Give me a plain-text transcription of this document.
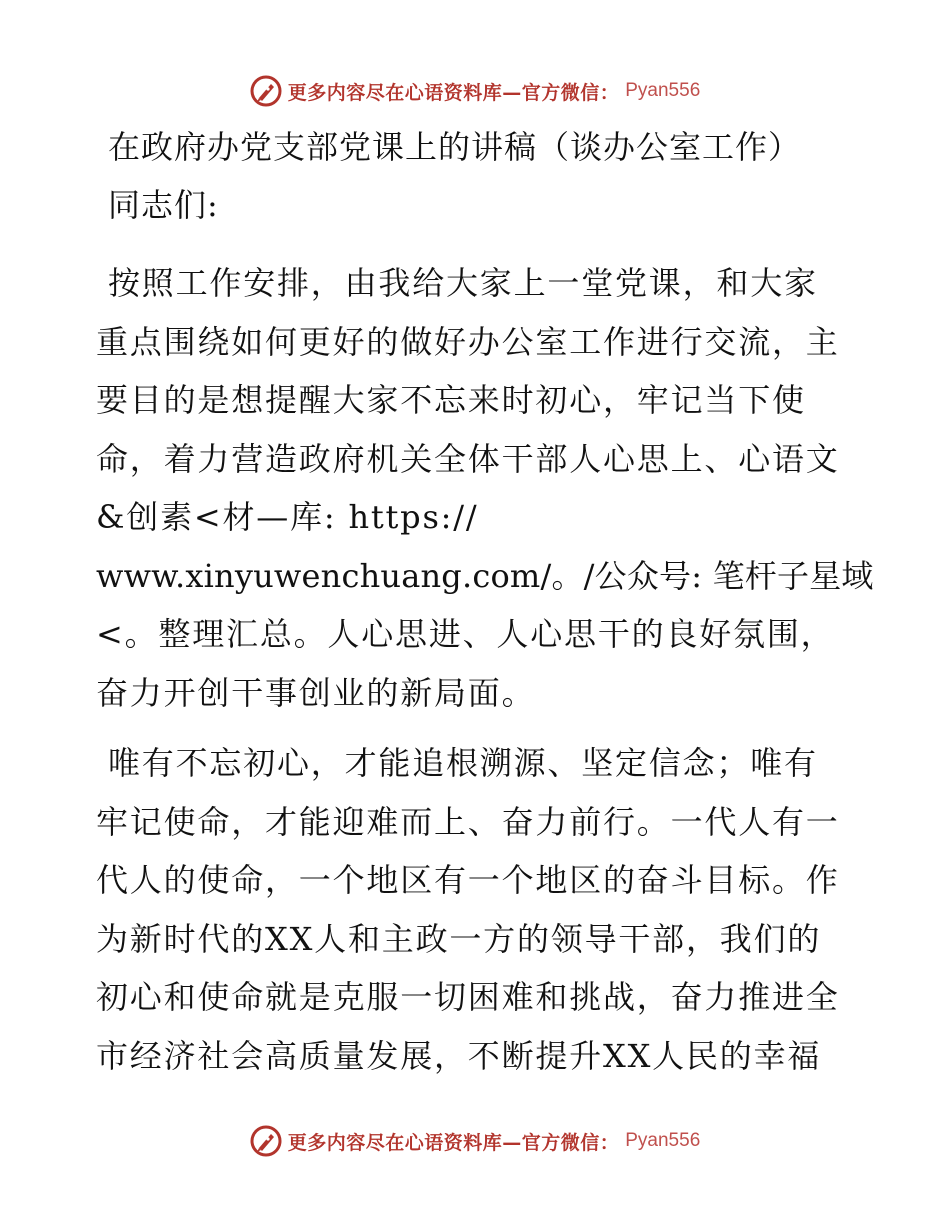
更多内容尽在心语资料库—官方微信： Pyan556
在政府办党支部党课上的讲稿（谈办公室工作）
同志们:
按照工作安排，由我给大家上一堂党课，和大家
重点围绕如何更好的做好办公室工作进行交流，主
要目的是想提醒大家不忘来时初心，牢记当下使
命，着力营造政府机关全体干部人心思上、心语文
&创素<材—库: https://
www.xinyuwenchuang.com/。/公众号: 笔杆子星域
<。整理汇总。人心思进、人心思干的良好氛围，
奋力开创干事创业的新局面。
唯有不忘初心，才能追根溯源、坚定信念；唯有
牢记使命，才能迎难而上、奋力前行。一代人有一
代人的使命，一个地区有一个地区的奋斗目标。作
为新时代的XX人和主政一方的领导干部，我们的
初心和使命就是克服一切困难和挑战，奋力推进全
市经济社会高质量发展，不断提升XX人民的幸福
更多内容尽在心语资料库—官方微信： Pyan556
